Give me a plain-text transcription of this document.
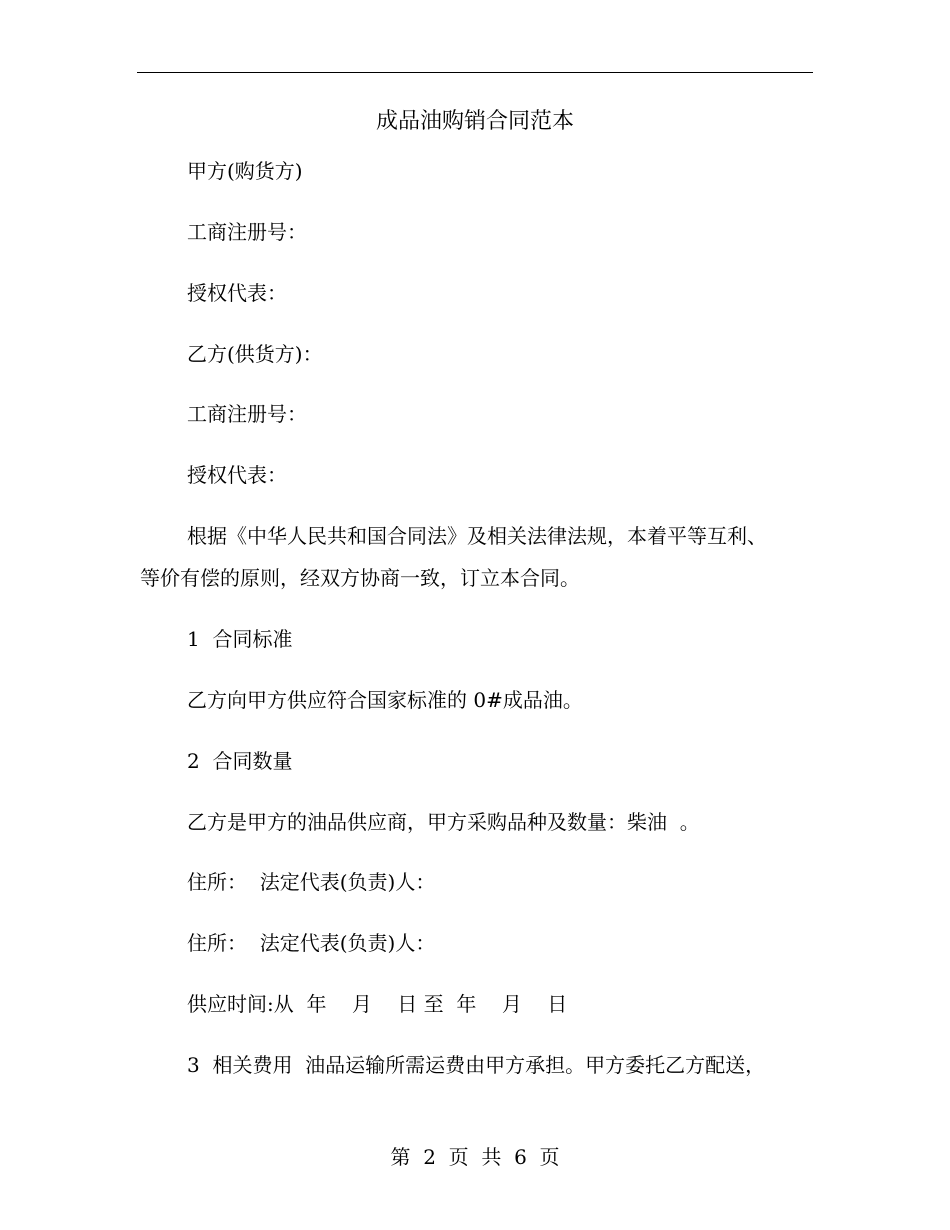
成品油购销合同范本
甲方(购货方)
工商注册号：
授权代表：
乙方(供货方)：
工商注册号：
授权代表：
根据《中华人民共和国合同法》及相关法律法规，本着平等互利、
等价有偿的原则，经双方协商一致，订立本合同。
1  合同标准
乙方向甲方供应符合国家标准的 0#成品油。
2  合同数量
乙方是甲方的油品供应商，甲方采购品种及数量：柴油  。
住所：  法定代表(负责)人：
住所：  法定代表(负责)人：
供应时间:从  年    月    日 至  年    月    日
3  相关费用  油品运输所需运费由甲方承担。甲方委托乙方配送，
第  2  页  共  6  页
